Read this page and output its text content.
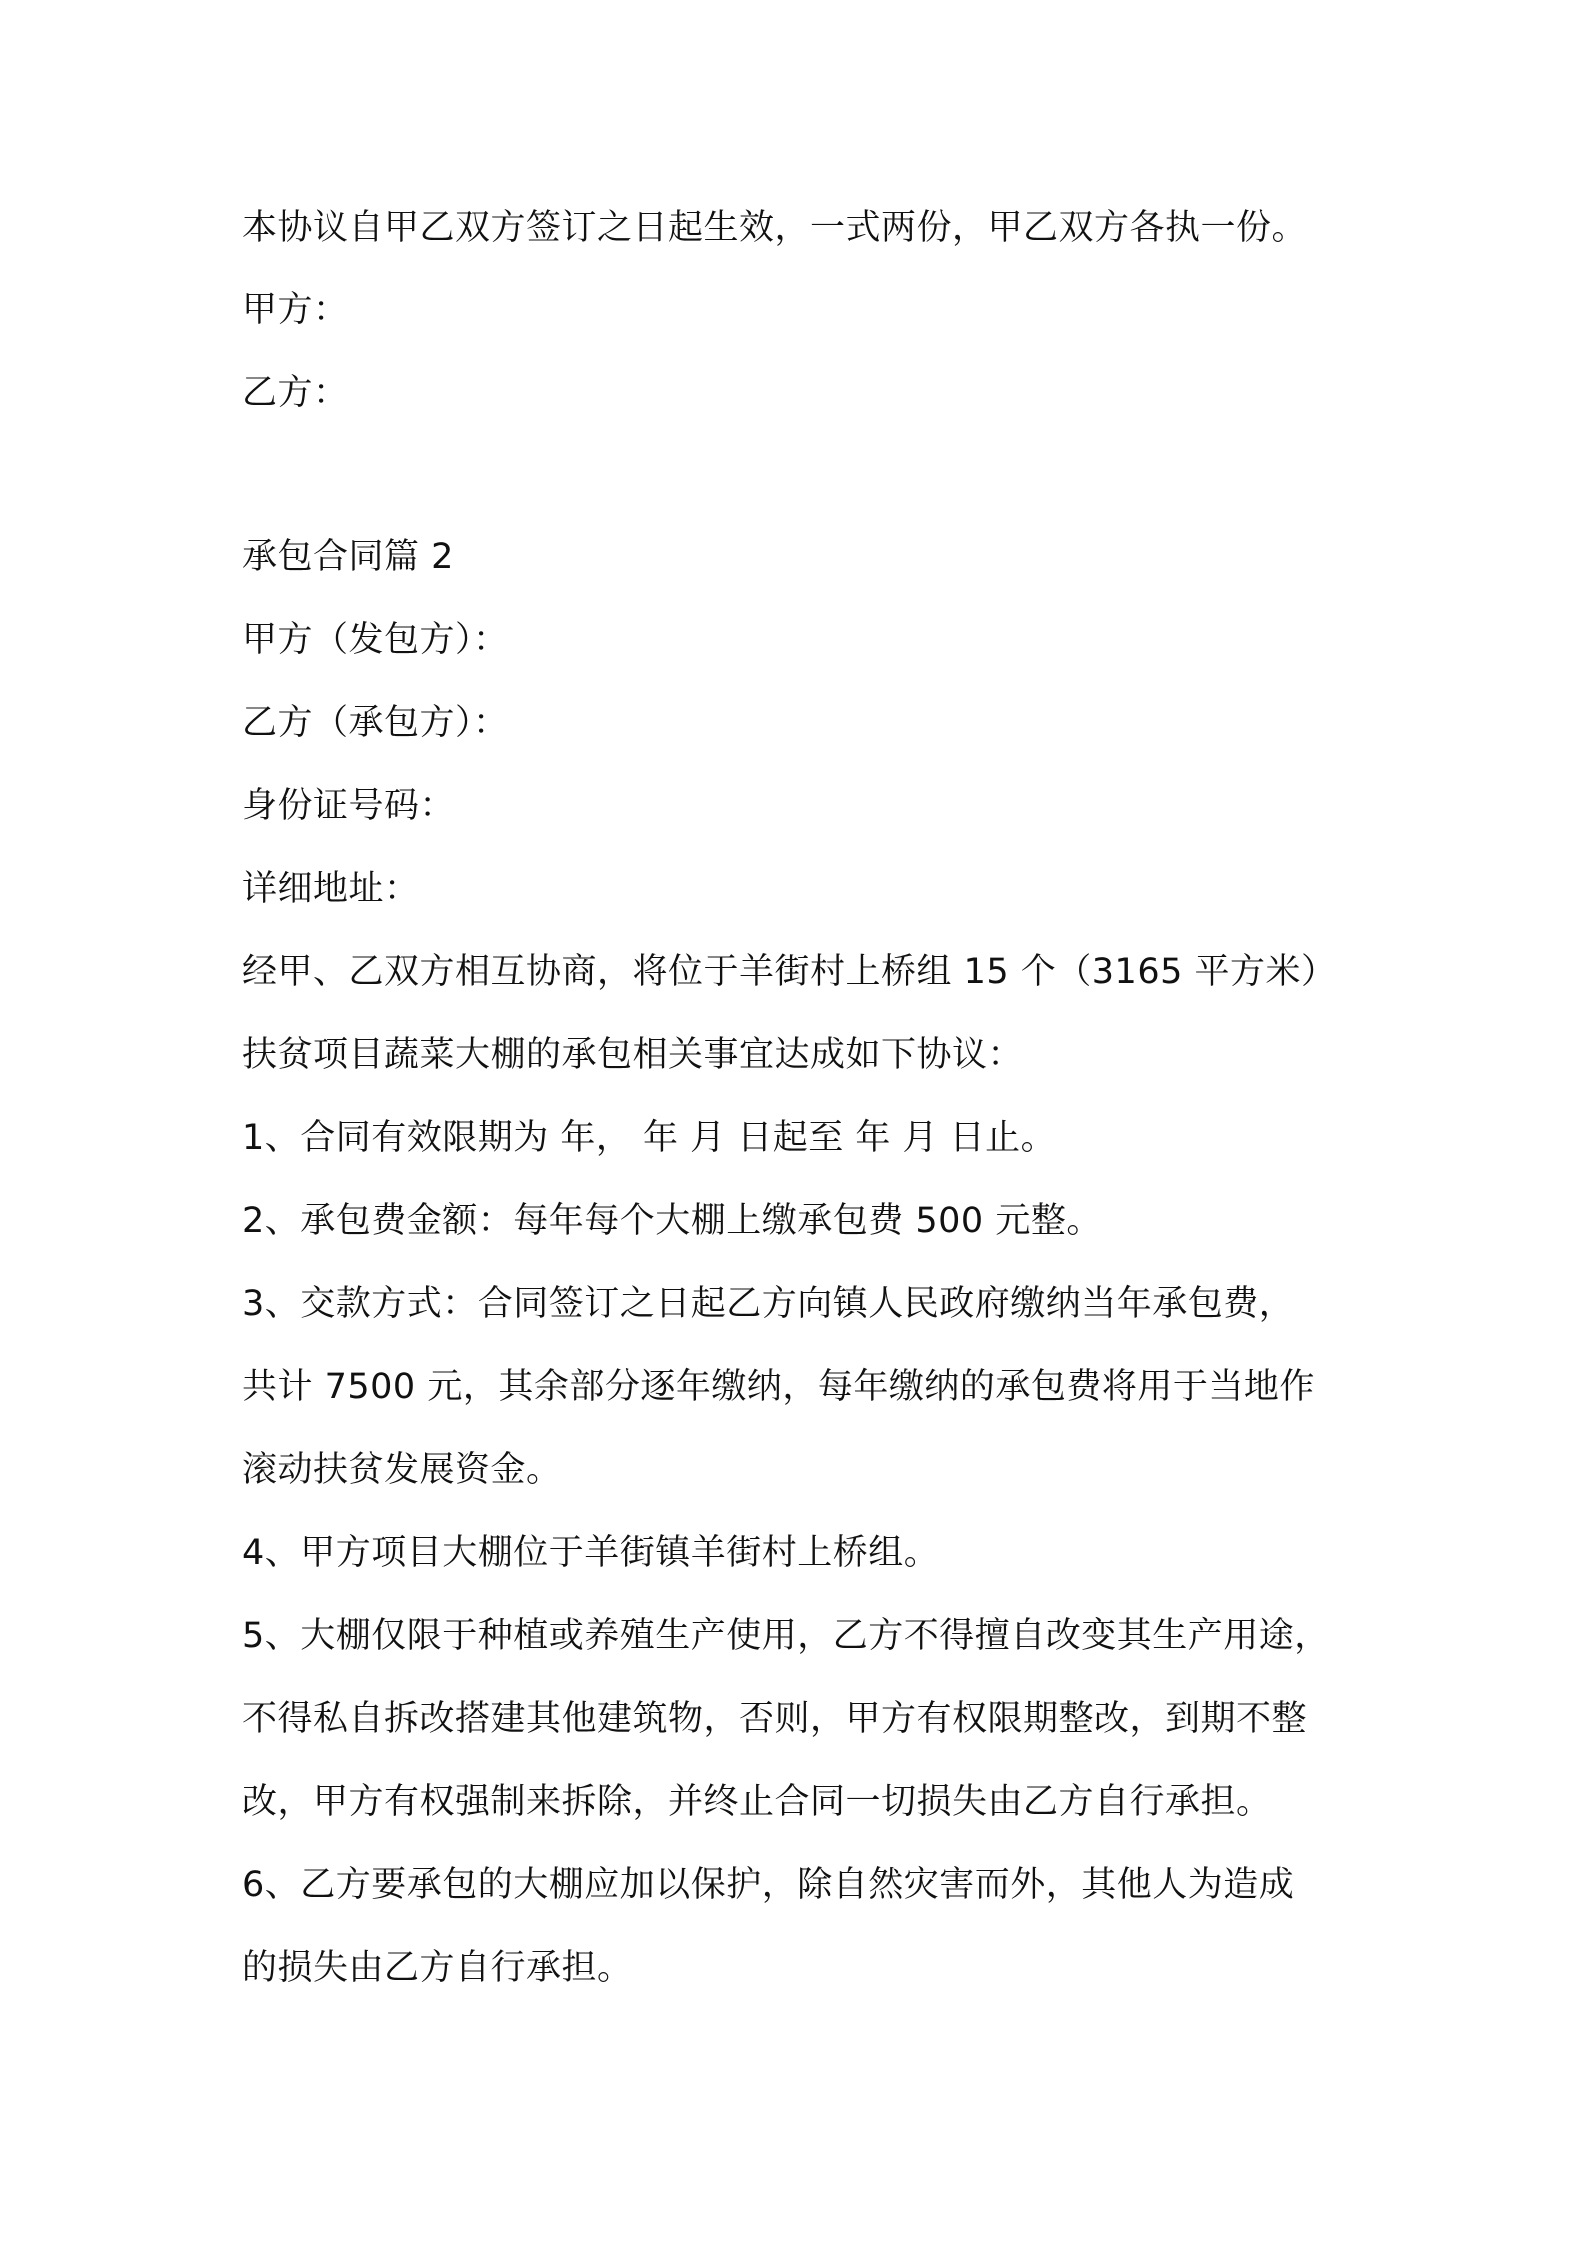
本协议自甲乙双方签订之日起生效，一式两份，甲乙双方各执一份。
甲方：
乙方：
承包合同篇 2
甲方（发包方）：
乙方（承包方）：
身份证号码：
详细地址：
经甲、乙双方相互协商，将位于羊街村上桥组 15 个（3165 平方米）
扶贫项目蔬菜大棚的承包相关事宜达成如下协议：
1、合同有效限期为 年， 年 月 日起至 年 月 日止。
2、承包费金额：每年每个大棚上缴承包费 500 元整。
3、交款方式：合同签订之日起乙方向镇人民政府缴纳当年承包费，
共计 7500 元，其余部分逐年缴纳，每年缴纳的承包费将用于当地作
滚动扶贫发展资金。
4、甲方项目大棚位于羊街镇羊街村上桥组。
5、大棚仅限于种植或养殖生产使用，乙方不得擅自改变其生产用途，
不得私自拆改搭建其他建筑物，否则，甲方有权限期整改，到期不整
改，甲方有权强制来拆除，并终止合同一切损失由乙方自行承担。
6、乙方要承包的大棚应加以保护，除自然灾害而外，其他人为造成
的损失由乙方自行承担。
